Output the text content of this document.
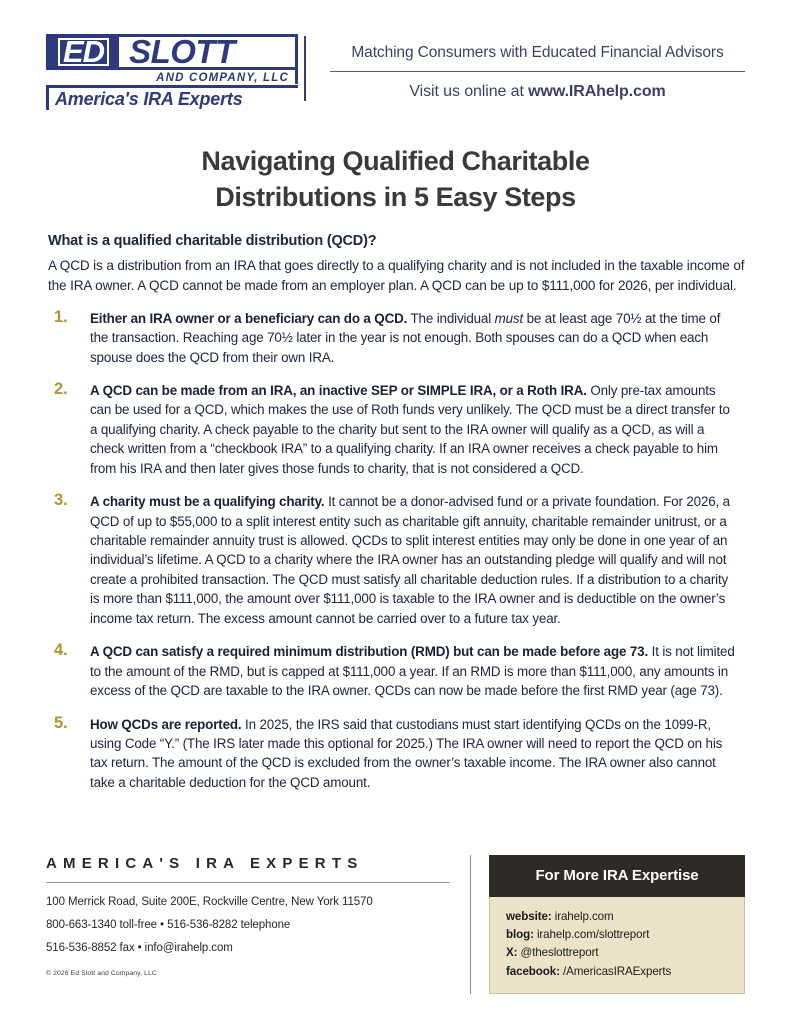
ED SLOTT
AND COMPANY, LLC
America's IRA Experts
Matching Consumers with Educated Financial Advisors
Visit us online at www.IRAhelp.com
Navigating Qualified Charitable
Distributions in 5 Easy Steps
What is a qualified charitable distribution (QCD)?
A QCD is a distribution from an IRA that goes directly to a qualifying charity and is not included in the taxable income of the IRA owner. A QCD cannot be made from an employer plan. A QCD can be up to $111,000 for 2026, per individual.
1.	Either an IRA owner or a beneficiary can do a QCD. The individual must be at least age 70½ at the time of the transaction. Reaching age 70½ later in the year is not enough. Both spouses can do a QCD when each spouse does the QCD from their own IRA.
2.	A QCD can be made from an IRA, an inactive SEP or SIMPLE IRA, or a Roth IRA. Only pre-tax amounts can be used for a QCD, which makes the use of Roth funds very unlikely. The QCD must be a direct transfer to a qualifying charity. A check payable to the charity but sent to the IRA owner will qualify as a QCD, as will a check written from a “checkbook IRA” to a qualifying charity. If an IRA owner receives a check payable to him from his IRA and then later gives those funds to charity, that is not considered a QCD.
3.	A charity must be a qualifying charity. It cannot be a donor-advised fund or a private foundation. For 2026, a QCD of up to $55,000 to a split interest entity such as charitable gift annuity, charitable remainder unitrust, or a charitable remainder annuity trust is allowed. QCDs to split interest entities may only be done in one year of an individual’s lifetime. A QCD to a charity where the IRA owner has an outstanding pledge will qualify and will not create a prohibited transaction. The QCD must satisfy all charitable deduction rules. If a distribution to a charity is more than $111,000, the amount over $111,000 is taxable to the IRA owner and is deductible on the owner’s income tax return. The excess amount cannot be carried over to a future tax year.
4.	A QCD can satisfy a required minimum distribution (RMD) but can be made before age 73. It is not limited to the amount of the RMD, but is capped at $111,000 a year. If an RMD is more than $111,000, any amounts in excess of the QCD are taxable to the IRA owner. QCDs can now be made before the first RMD year (age 73).
5.	How QCDs are reported. In 2025, the IRS said that custodians must start identifying QCDs on the 1099-R, using Code “Y.” (The IRS later made this optional for 2025.) The IRA owner will need to report the QCD on his tax return. The amount of the QCD is excluded from the owner’s taxable income. The IRA owner also cannot take a charitable deduction for the QCD amount.
AMERICA'S IRA EXPERTS
100 Merrick Road, Suite 200E, Rockville Centre, New York 11570
800-663-1340 toll-free • 516-536-8282 telephone
516-536-8852 fax • info@irahelp.com
© 2026 Ed Slott and Company, LLC
For More IRA Expertise
website: irahelp.com
blog: irahelp.com/slottreport
X: @theslottreport
facebook: /AmericasIRAExperts
